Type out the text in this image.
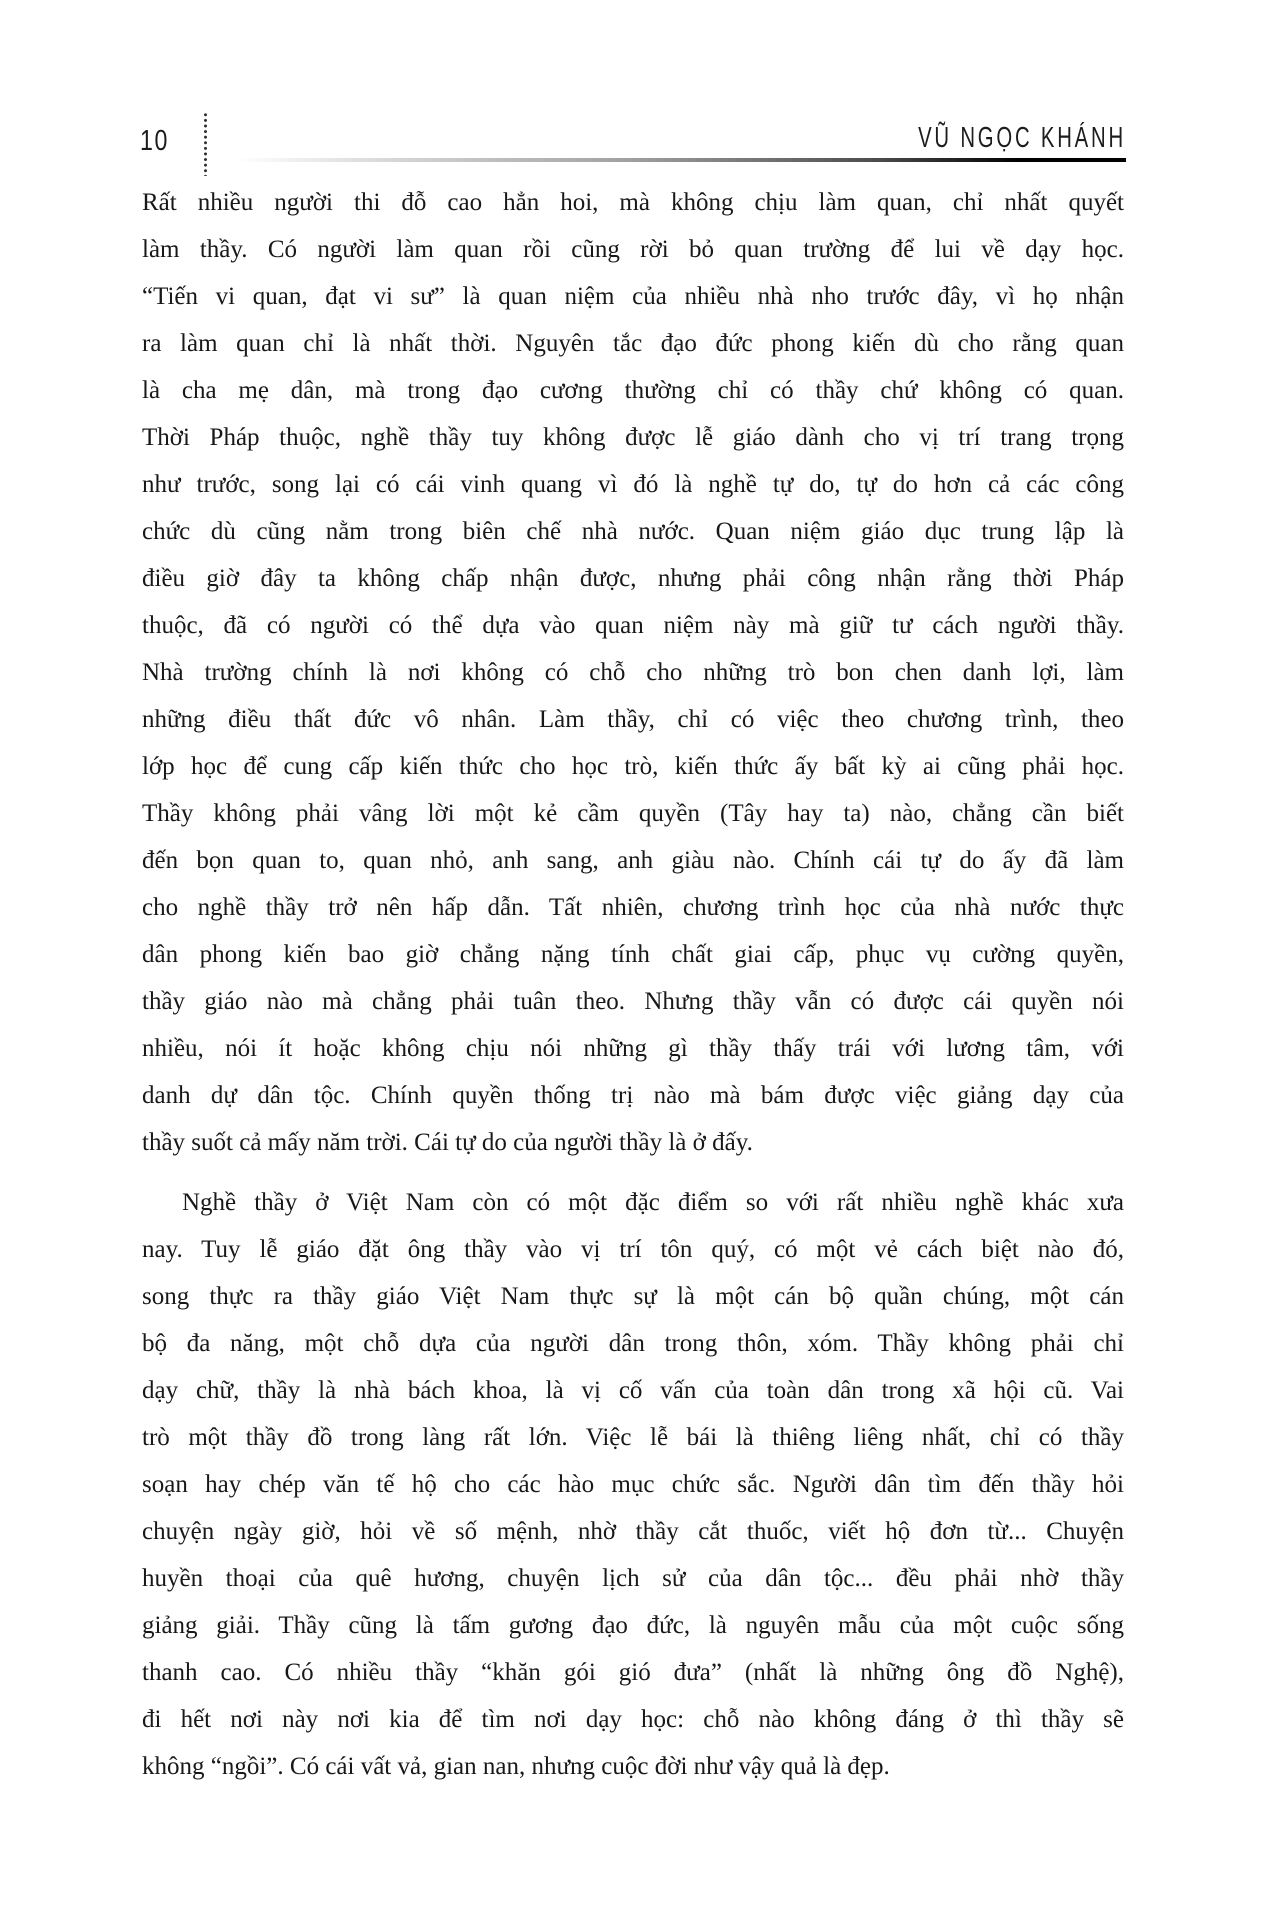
10	VŨ NGỌC KHÁNH
Rất nhiều người thi đỗ cao hẳn hoi, mà không chịu làm quan, chỉ nhất quyết
làm thầy. Có người làm quan rồi cũng rời bỏ quan trường để lui về dạy học.
“Tiến vi quan, đạt vi sư” là quan niệm của nhiều nhà nho trước đây, vì họ nhận
ra làm quan chỉ là nhất thời. Nguyên tắc đạo đức phong kiến dù cho rằng quan
là cha mẹ dân, mà trong đạo cương thường chỉ có thầy chứ không có quan.
Thời Pháp thuộc, nghề thầy tuy không được lễ giáo dành cho vị trí trang trọng
như trước, song lại có cái vinh quang vì đó là nghề tự do, tự do hơn cả các công
chức dù cũng nằm trong biên chế nhà nước. Quan niệm giáo dục trung lập là
điều giờ đây ta không chấp nhận được, nhưng phải công nhận rằng thời Pháp
thuộc, đã có người có thể dựa vào quan niệm này mà giữ tư cách người thầy.
Nhà trường chính là nơi không có chỗ cho những trò bon chen danh lợi, làm
những điều thất đức vô nhân. Làm thầy, chỉ có việc theo chương trình, theo
lớp học để cung cấp kiến thức cho học trò, kiến thức ấy bất kỳ ai cũng phải học.
Thầy không phải vâng lời một kẻ cầm quyền (Tây hay ta) nào, chẳng cần biết
đến bọn quan to, quan nhỏ, anh sang, anh giàu nào. Chính cái tự do ấy đã làm
cho nghề thầy trở nên hấp dẫn. Tất nhiên, chương trình học của nhà nước thực
dân phong kiến bao giờ chẳng nặng tính chất giai cấp, phục vụ cường quyền,
thầy giáo nào mà chẳng phải tuân theo. Nhưng thầy vẫn có được cái quyền nói
nhiều, nói ít hoặc không chịu nói những gì thầy thấy trái với lương tâm, với
danh dự dân tộc. Chính quyền thống trị nào mà bám được việc giảng dạy của
thầy suốt cả mấy năm trời. Cái tự do của người thầy là ở đấy.
Nghề thầy ở Việt Nam còn có một đặc điểm so với rất nhiều nghề khác xưa
nay. Tuy lễ giáo đặt ông thầy vào vị trí tôn quý, có một vẻ cách biệt nào đó,
song thực ra thầy giáo Việt Nam thực sự là một cán bộ quần chúng, một cán
bộ đa năng, một chỗ dựa của người dân trong thôn, xóm. Thầy không phải chỉ
dạy chữ, thầy là nhà bách khoa, là vị cố vấn của toàn dân trong xã hội cũ. Vai
trò một thầy đồ trong làng rất lớn. Việc lễ bái là thiêng liêng nhất, chỉ có thầy
soạn hay chép văn tế hộ cho các hào mục chức sắc. Người dân tìm đến thầy hỏi
chuyện ngày giờ, hỏi về số mệnh, nhờ thầy cắt thuốc, viết hộ đơn từ... Chuyện
huyền thoại của quê hương, chuyện lịch sử của dân tộc... đều phải nhờ thầy
giảng giải. Thầy cũng là tấm gương đạo đức, là nguyên mẫu của một cuộc sống
thanh cao. Có nhiều thầy “khăn gói gió đưa” (nhất là những ông đồ Nghệ),
đi hết nơi này nơi kia để tìm nơi dạy học: chỗ nào không đáng ở thì thầy sẽ
không “ngồi”. Có cái vất vả, gian nan, nhưng cuộc đời như vậy quả là đẹp.
